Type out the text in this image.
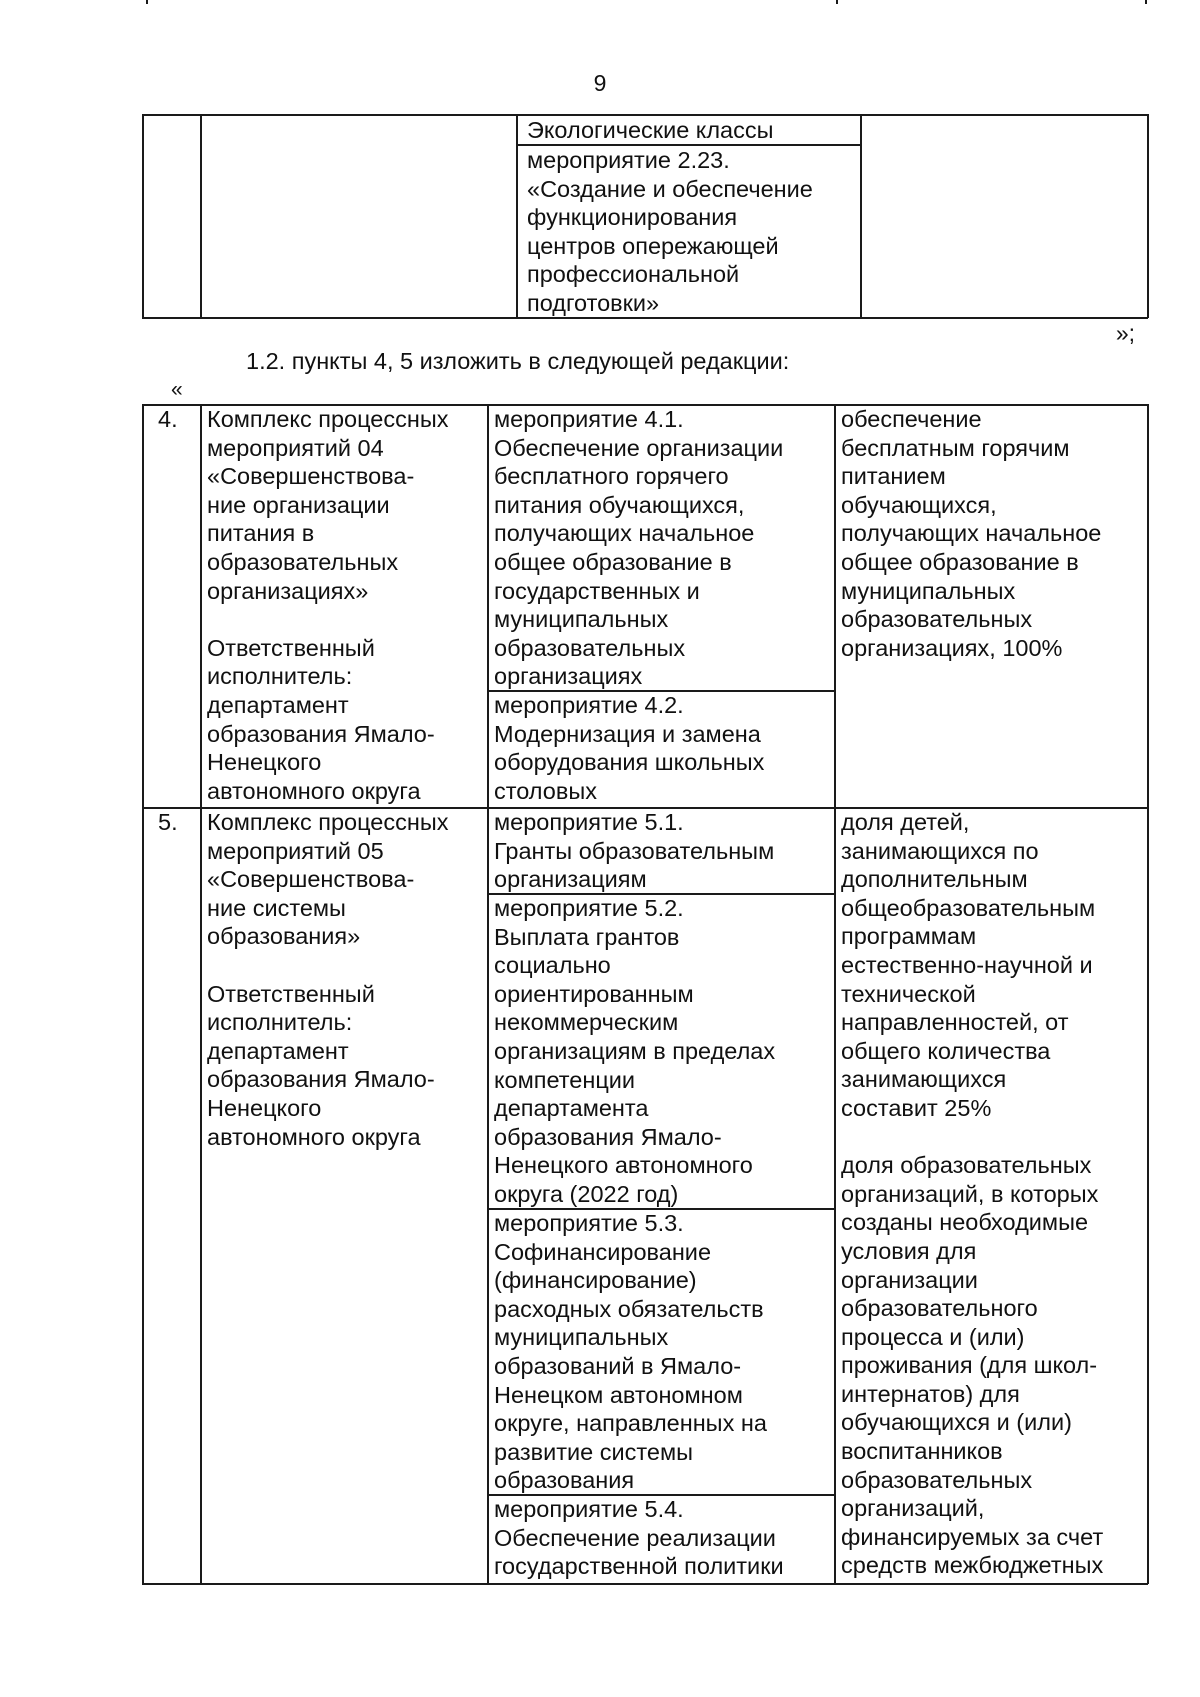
9
Экологические классы
мероприятие 2.23.
«Создание и обеспечение функционирования
центров опережающей профессиональной подготовки»
»;
1.2. пункты 4, 5 изложить в следующей редакции:
«
4.	Комплекс процессных
мероприятий 04
«Совершенствова-
ние организации
питания в
образовательных
организациях»

Ответственный
исполнитель:
департамент
образования Ямало-
Ненецкого
автономного округа
мероприятие 4.1.
Обеспечение организации
бесплатного горячего
питания обучающихся,
получающих начальное
общее образование в
государственных и
муниципальных
образовательных
организациях
мероприятие 4.2.
Модернизация и замена
оборудования школьных
столовых
обеспечение
бесплатным горячим
питанием
обучающихся,
получающих начальное
общее образование в
муниципальных
образовательных
организациях, 100%
5.	Комплекс процессных
мероприятий 05
«Совершенствова-
ние системы
образования»

Ответственный
исполнитель:
департамент
образования Ямало-
Ненецкого
автономного округа
мероприятие 5.1.
Гранты образовательным
организациям
мероприятие 5.2.
Выплата грантов
социально
ориентированным
некоммерческим
организациям в пределах
компетенции
департамента
образования Ямало-
Ненецкого автономного
округа (2022 год)
мероприятие 5.3.
Софинансирование
(финансирование)
расходных обязательств
муниципальных
образований в Ямало-
Ненецком автономном
округе, направленных на
развитие системы
образования
мероприятие 5.4.
Обеспечение реализации
государственной политики
доля детей,
занимающихся по
дополнительным
общеобразовательным
программам
естественно-научной и
технической
направленностей, от
общего количества
занимающихся
составит 25%

доля образовательных
организаций, в которых
созданы необходимые
условия для
организации
образовательного
процесса и (или)
проживания (для школ-
интернатов) для
обучающихся и (или)
воспитанников
образовательных
организаций,
финансируемых за счет
средств межбюджетных
